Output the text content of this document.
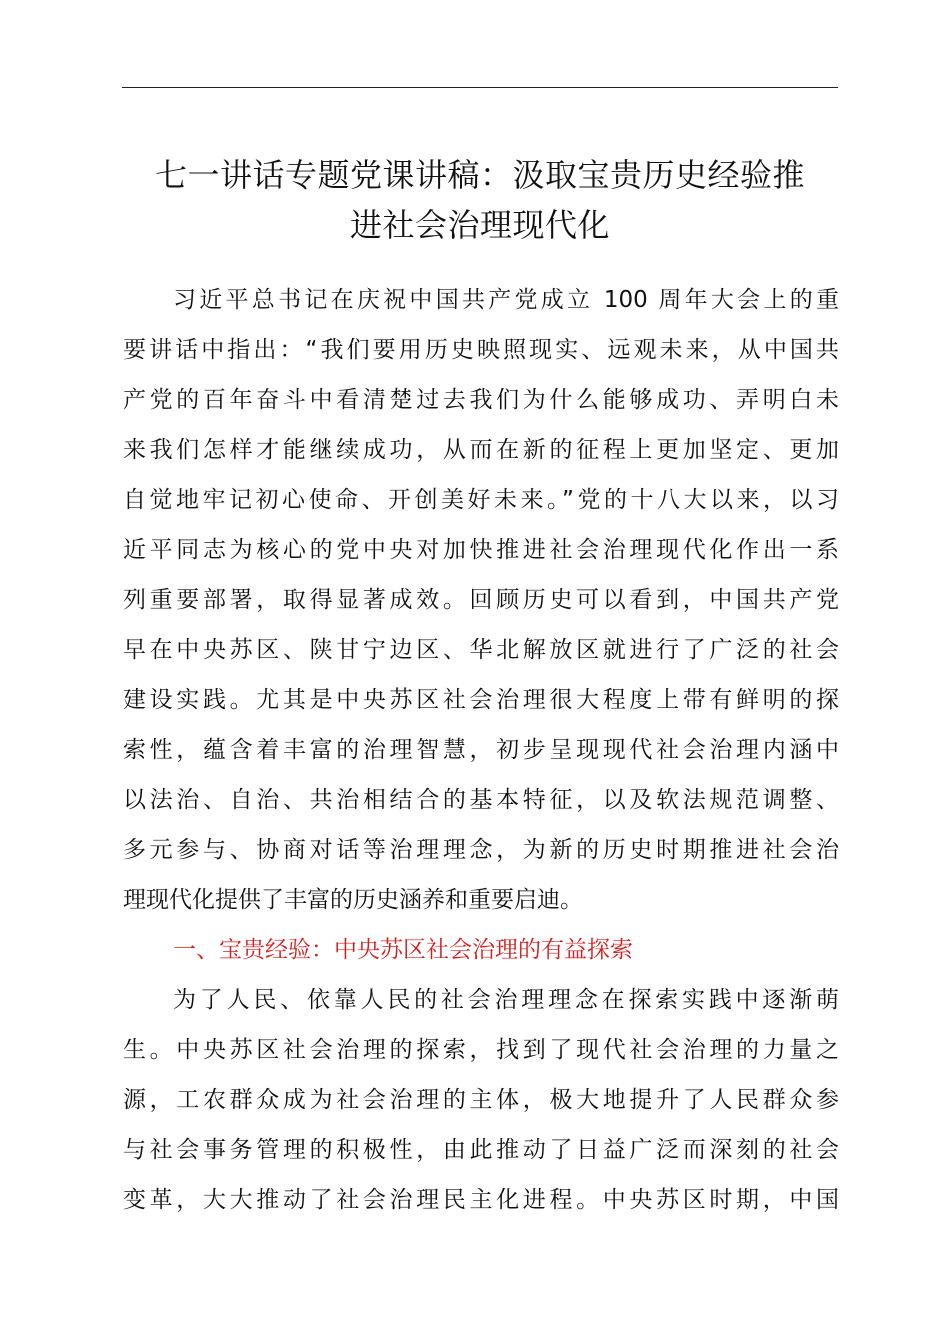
七一讲话专题党课讲稿：汲取宝贵历史经验推
进社会治理现代化
习近平总书记在庆祝中国共产党成立 100 周年大会上的重
要讲话中指出：“我们要用历史映照现实、远观未来，从中国共
产党的百年奋斗中看清楚过去我们为什么能够成功、弄明白未
来我们怎样才能继续成功，从而在新的征程上更加坚定、更加
自觉地牢记初心使命、开创美好未来。”党的十八大以来，以习
近平同志为核心的党中央对加快推进社会治理现代化作出一系
列重要部署，取得显著成效。回顾历史可以看到，中国共产党
早在中央苏区、陕甘宁边区、华北解放区就进行了广泛的社会
建设实践。尤其是中央苏区社会治理很大程度上带有鲜明的探
索性，蕴含着丰富的治理智慧，初步呈现现代社会治理内涵中
以法治、自治、共治相结合的基本特征，以及软法规范调整、
多元参与、协商对话等治理理念，为新的历史时期推进社会治
理现代化提供了丰富的历史涵养和重要启迪。
一、宝贵经验：中央苏区社会治理的有益探索
为了人民、依靠人民的社会治理理念在探索实践中逐渐萌
生。中央苏区社会治理的探索，找到了现代社会治理的力量之
源，工农群众成为社会治理的主体，极大地提升了人民群众参
与社会事务管理的积极性，由此推动了日益广泛而深刻的社会
变革，大大推动了社会治理民主化进程。中央苏区时期，中国
